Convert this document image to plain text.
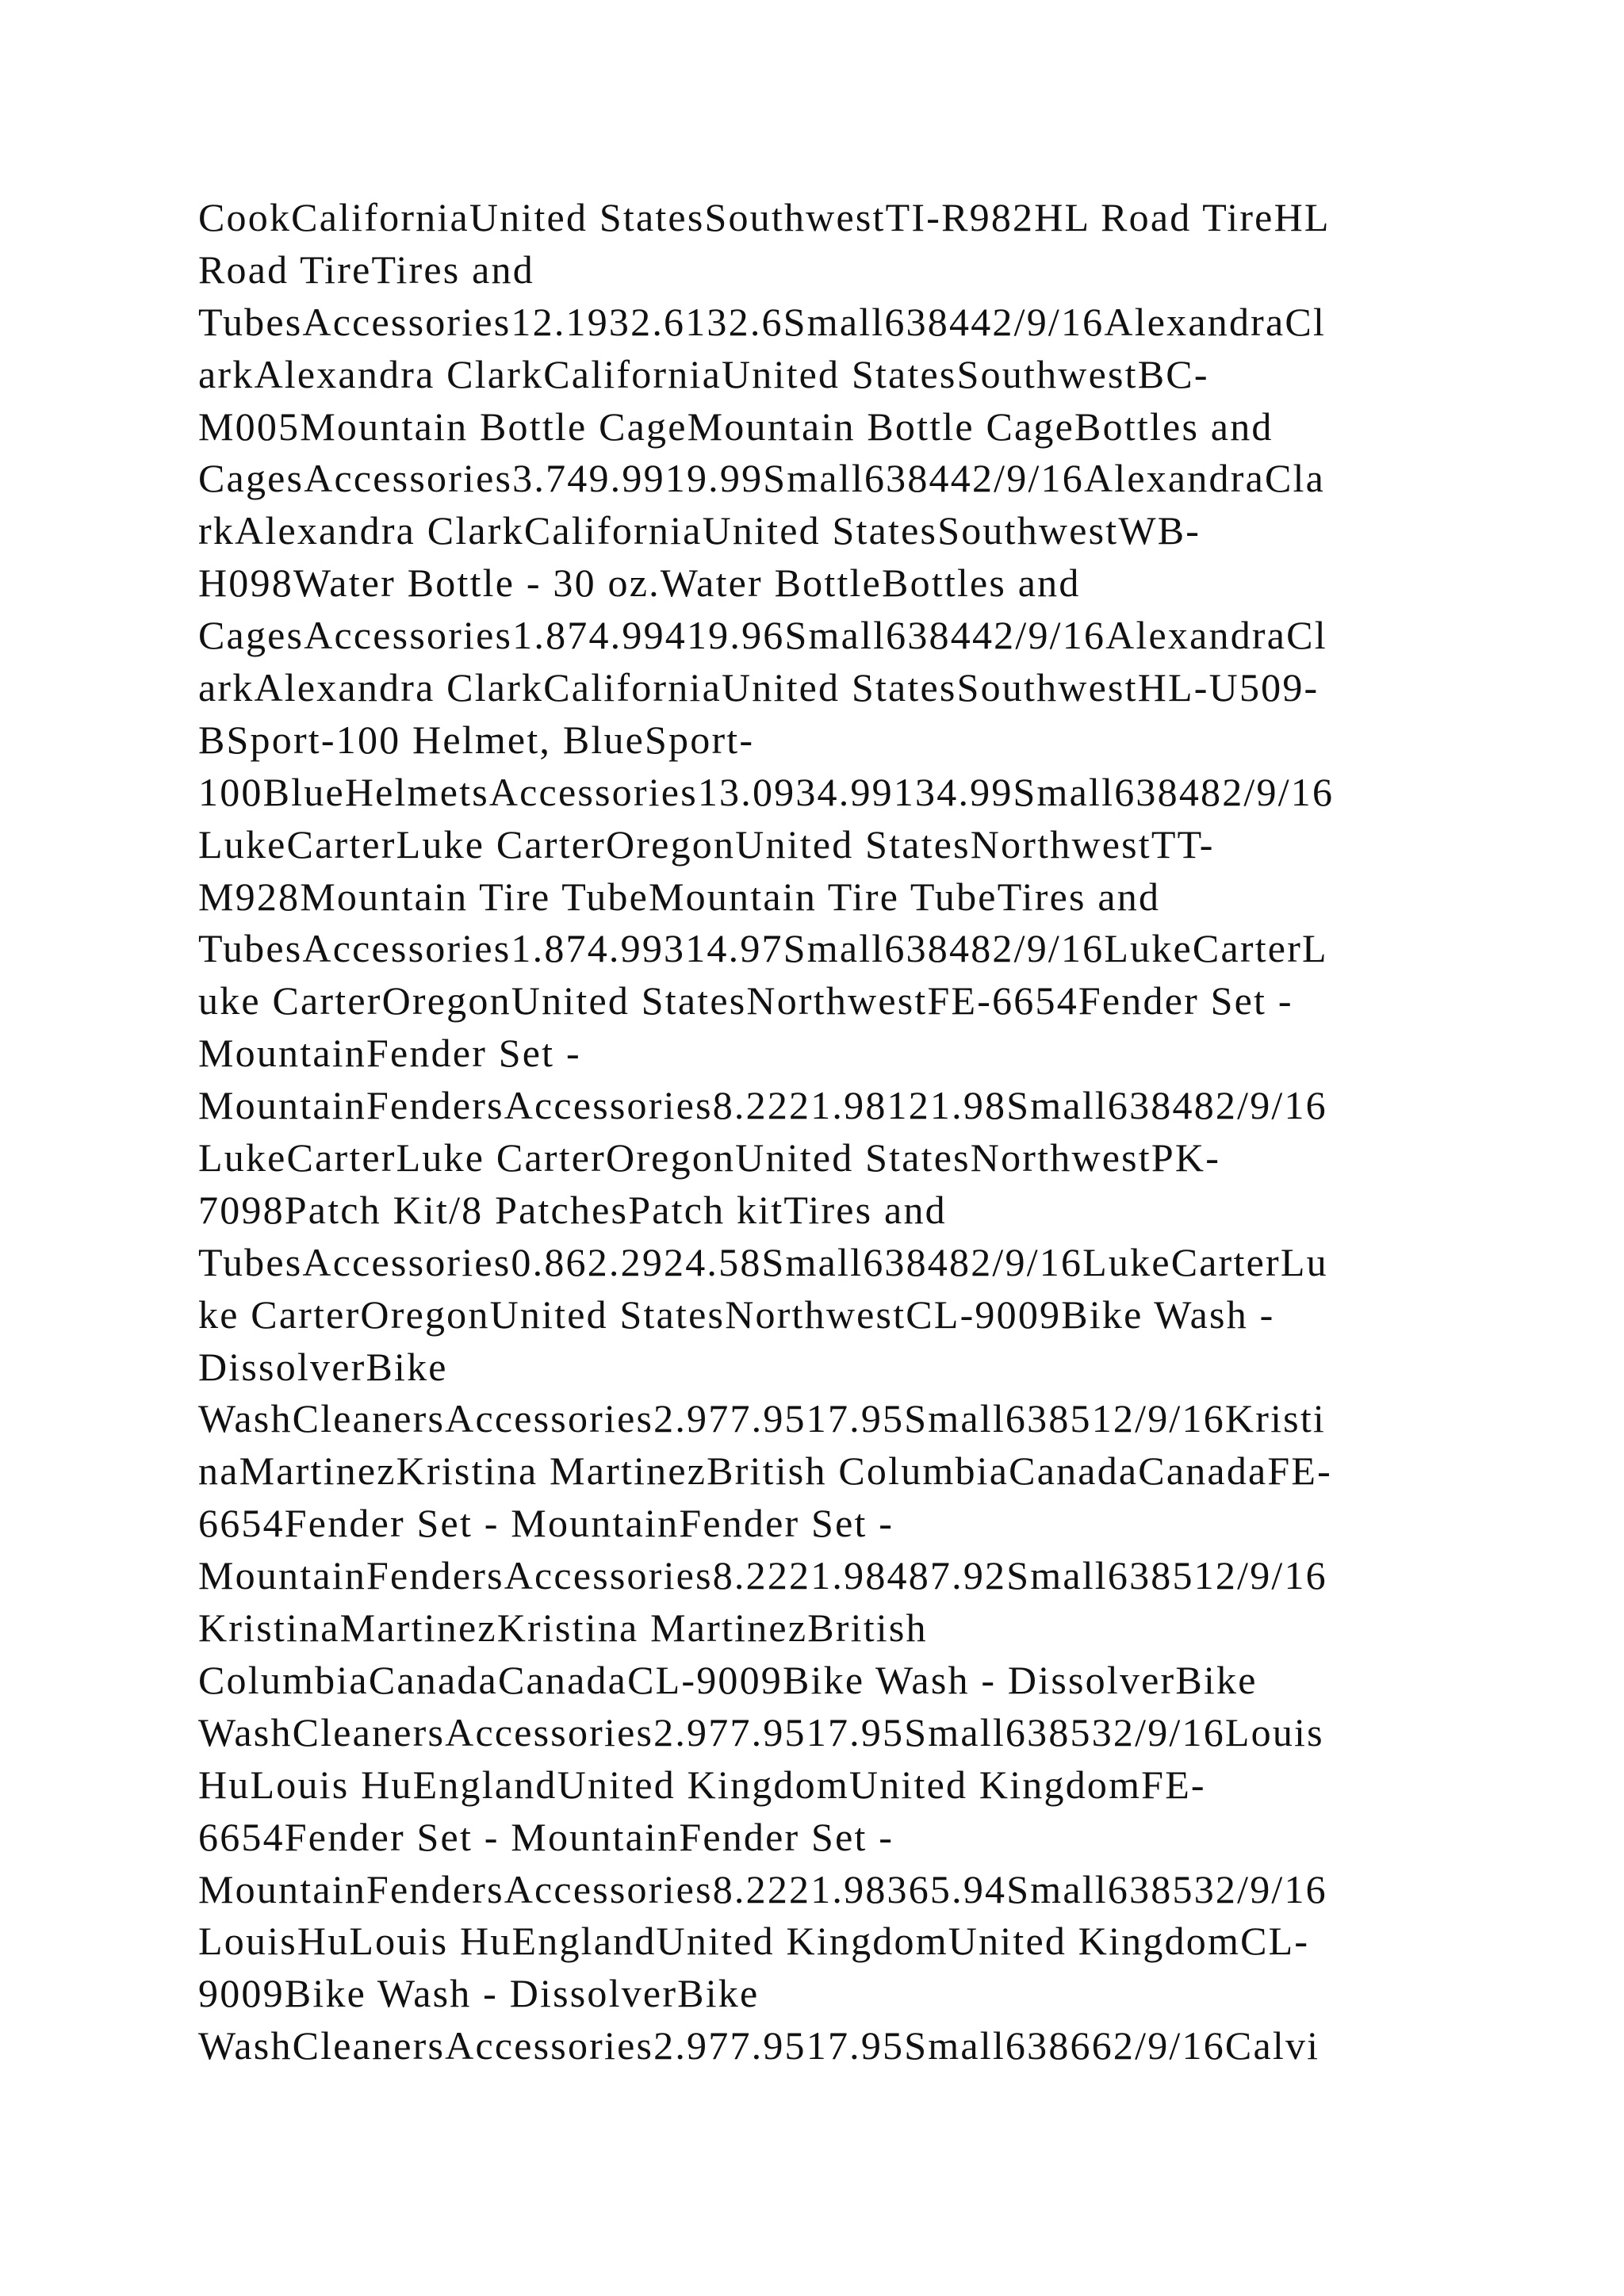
CookCaliforniaUnited StatesSouthwestTI-R982HL Road TireHL
Road TireTires and
TubesAccessories12.1932.6132.6Small638442/9/16AlexandraCl
arkAlexandra ClarkCaliforniaUnited StatesSouthwestBC-
M005Mountain Bottle CageMountain Bottle CageBottles and
CagesAccessories3.749.9919.99Small638442/9/16AlexandraCla
rkAlexandra ClarkCaliforniaUnited StatesSouthwestWB-
H098Water Bottle - 30 oz.Water BottleBottles and
CagesAccessories1.874.99419.96Small638442/9/16AlexandraCl
arkAlexandra ClarkCaliforniaUnited StatesSouthwestHL-U509-
BSport-100 Helmet, BlueSport-
100BlueHelmetsAccessories13.0934.99134.99Small638482/9/16
LukeCarterLuke CarterOregonUnited StatesNorthwestTT-
M928Mountain Tire TubeMountain Tire TubeTires and
TubesAccessories1.874.99314.97Small638482/9/16LukeCarterL
uke CarterOregonUnited StatesNorthwestFE-6654Fender Set -
MountainFender Set -
MountainFendersAccessories8.2221.98121.98Small638482/9/16
LukeCarterLuke CarterOregonUnited StatesNorthwestPK-
7098Patch Kit/8 PatchesPatch kitTires and
TubesAccessories0.862.2924.58Small638482/9/16LukeCarterLu
ke CarterOregonUnited StatesNorthwestCL-9009Bike Wash -
DissolverBike
WashCleanersAccessories2.977.9517.95Small638512/9/16Kristi
naMartinezKristina MartinezBritish ColumbiaCanadaCanadaFE-
6654Fender Set - MountainFender Set -
MountainFendersAccessories8.2221.98487.92Small638512/9/16
KristinaMartinezKristina MartinezBritish
ColumbiaCanadaCanadaCL-9009Bike Wash - DissolverBike
WashCleanersAccessories2.977.9517.95Small638532/9/16Louis
HuLouis HuEnglandUnited KingdomUnited KingdomFE-
6654Fender Set - MountainFender Set -
MountainFendersAccessories8.2221.98365.94Small638532/9/16
LouisHuLouis HuEnglandUnited KingdomUnited KingdomCL-
9009Bike Wash - DissolverBike
WashCleanersAccessories2.977.9517.95Small638662/9/16Calvi
